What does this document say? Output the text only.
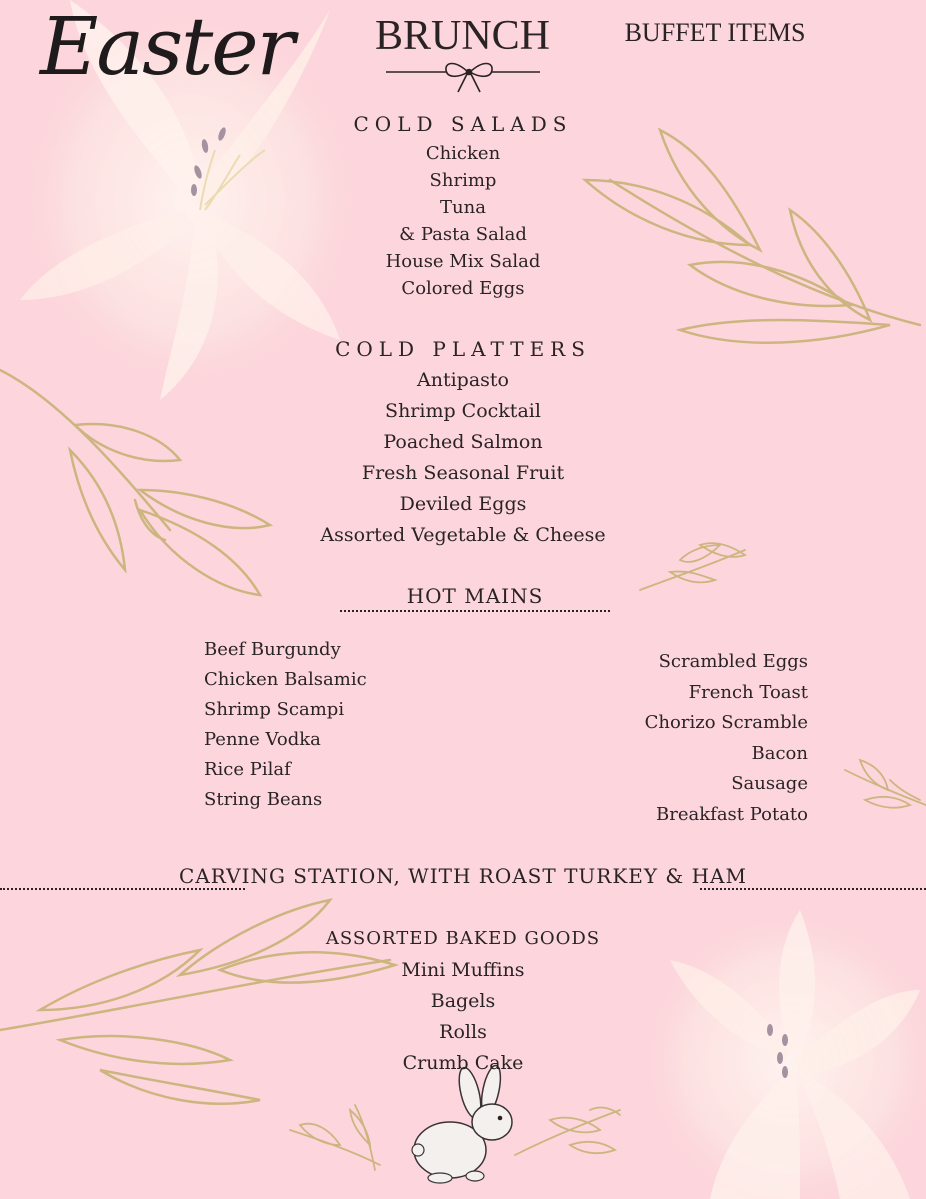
Easter	BRUNCH	BUFFET ITEMS
COLD SALADS
Chicken
Shrimp
Tuna
& Pasta Salad
House Mix Salad
Colored Eggs
COLD PLATTERS
Antipasto
Shrimp Cocktail
Poached Salmon
Fresh Seasonal Fruit
Deviled Eggs
Assorted Vegetable & Cheese
HOT MAINS
Beef Burgundy
Chicken Balsamic
Shrimp Scampi
Penne Vodka
Rice Pilaf
String Beans
Scrambled Eggs
French Toast
Chorizo Scramble
Bacon
Sausage
Breakfast Potato
CARVING STATION, WITH ROAST TURKEY & HAM
ASSORTED BAKED GOODS
Mini Muffins
Bagels
Rolls
Crumb Cake
